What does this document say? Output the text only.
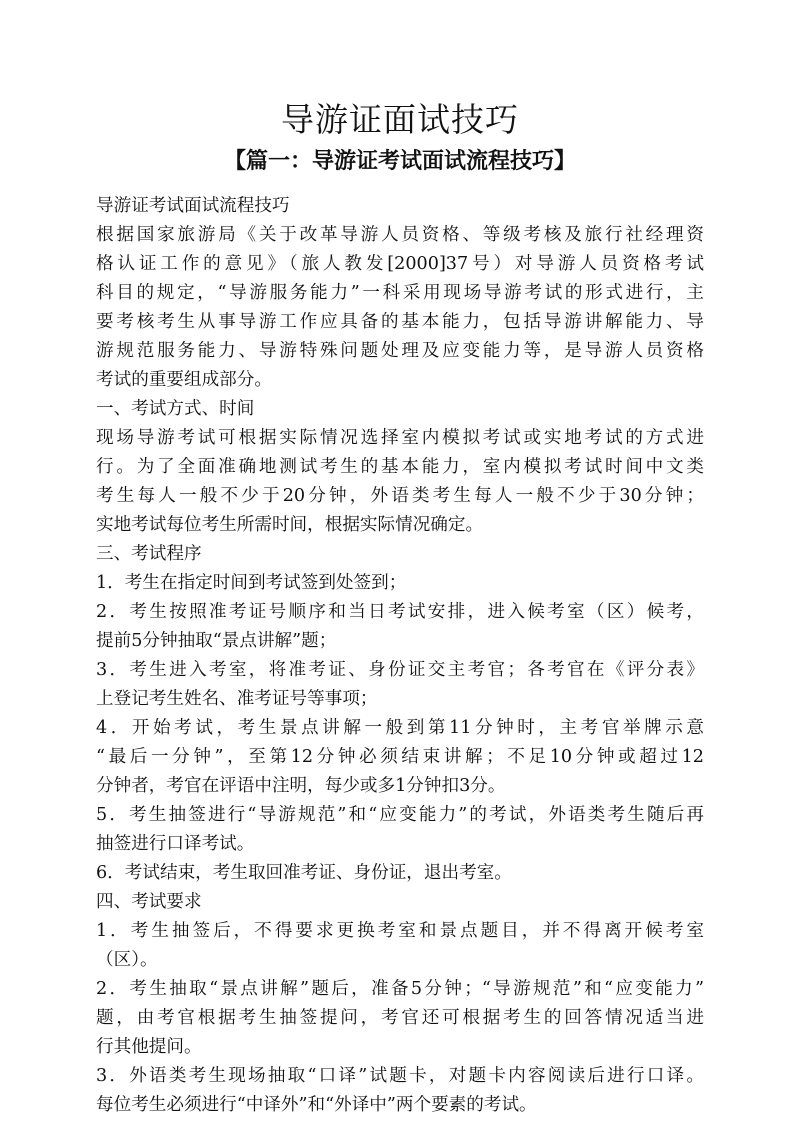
导游证面试技巧
【篇一：导游证考试面试流程技巧】
导游证考试面试流程技巧
根据国家旅游局《关于改革导游人员资格、等级考核及旅行社经理资
格认证工作的意见》（旅人教发[2000]37号）对导游人员资格考试
科目的规定，“导游服务能力”一科采用现场导游考试的形式进行，主
要考核考生从事导游工作应具备的基本能力，包括导游讲解能力、导
游规范服务能力、导游特殊问题处理及应变能力等，是导游人员资格
考试的重要组成部分。
一、考试方式、时间
现场导游考试可根据实际情况选择室内模拟考试或实地考试的方式进
行。为了全面准确地测试考生的基本能力，室内模拟考试时间中文类
考生每人一般不少于20分钟，外语类考生每人一般不少于30分钟；
实地考试每位考生所需时间，根据实际情况确定。
三、考试程序
1．考生在指定时间到考试签到处签到；
2．考生按照准考证号顺序和当日考试安排，进入候考室（区）候考，
提前5分钟抽取“景点讲解”题；
3．考生进入考室，将准考证、身份证交主考官；各考官在《评分表》
上登记考生姓名、准考证号等事项；
4．开始考试，考生景点讲解一般到第11分钟时，主考官举牌示意
“最后一分钟”，至第12分钟必须结束讲解；不足10分钟或超过12
分钟者，考官在评语中注明，每少或多1分钟扣3分。
5．考生抽签进行“导游规范”和“应变能力”的考试，外语类考生随后再
抽签进行口译考试。
6．考试结束，考生取回准考证、身份证，退出考室。
四、考试要求
1．考生抽签后，不得要求更换考室和景点题目，并不得离开候考室
（区）。
2．考生抽取“景点讲解”题后，准备5分钟；“导游规范”和“应变能力”
题，由考官根据考生抽签提问，考官还可根据考生的回答情况适当进
行其他提问。
3．外语类考生现场抽取“口译”试题卡，对题卡内容阅读后进行口译。
每位考生必须进行“中译外”和“外译中”两个要素的考试。
